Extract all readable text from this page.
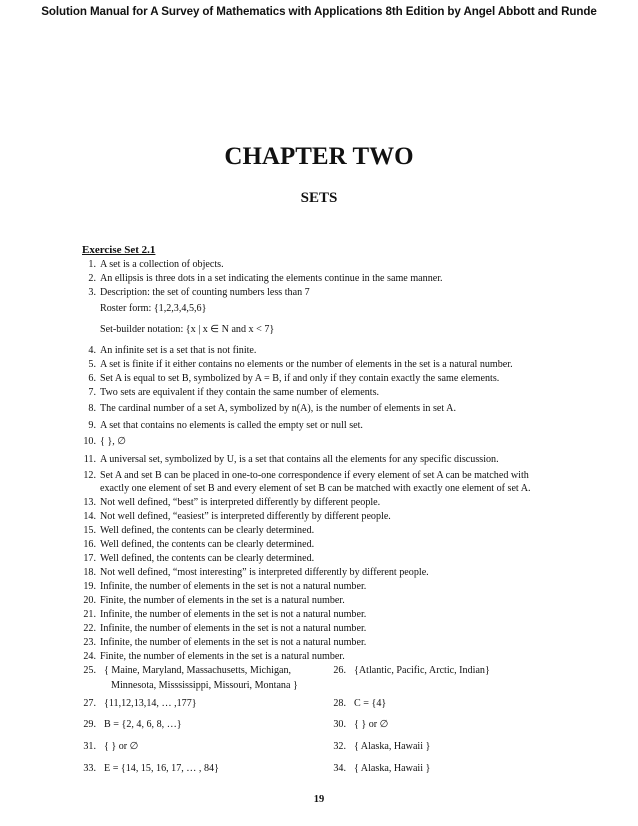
Solution Manual for A Survey of Mathematics with Applications 8th Edition by Angel Abbott and Runde
CHAPTER TWO
SETS
Exercise Set 2.1
1. A set is a collection of objects.
2. An ellipsis is three dots in a set indicating the elements continue in the same manner.
3. Description: the set of counting numbers less than 7
Roster form: {1,2,3,4,5,6}
Set-builder notation: {x | x ∈ N and x < 7}
4. An infinite set is a set that is not finite.
5. A set is finite if it either contains no elements or the number of elements in the set is a natural number.
6. Set A is equal to set B, symbolized by A = B, if and only if they contain exactly the same elements.
7. Two sets are equivalent if they contain the same number of elements.
8. The cardinal number of a set A, symbolized by n(A), is the number of elements in set A.
9. A set that contains no elements is called the empty set or null set.
10. { }, ∅
11. A universal set, symbolized by U, is a set that contains all the elements for any specific discussion.
12. Set A and set B can be placed in one-to-one correspondence if every element of set A can be matched with
exactly one element of set B and every element of set B can be matched with exactly one element of set A.
13. Not well defined, “best” is interpreted differently by different people.
14. Not well defined, “easiest” is interpreted differently by different people.
15. Well defined, the contents can be clearly determined.
16. Well defined, the contents can be clearly determined.
17. Well defined, the contents can be clearly determined.
18. Not well defined, “most interesting” is interpreted differently by different people.
19. Infinite, the number of elements in the set is not a natural number.
20. Finite, the number of elements in the set is a natural number.
21. Infinite, the number of elements in the set is not a natural number.
22. Infinite, the number of elements in the set is not a natural number.
23. Infinite, the number of elements in the set is not a natural number.
24. Finite, the number of elements in the set is a natural number.
25. { Maine, Maryland, Massachusetts, Michigan,
Minnesota, Misssissippi, Missouri, Montana }
26. {Atlantic, Pacific, Arctic, Indian}
27. {11,12,13,14, … ,177}	28. C = {4}
29. B = {2, 4, 6, 8, …}	30. { } or ∅
31. { } or ∅	32. { Alaska, Hawaii }
33. E = {14, 15, 16, 17, … , 84}	34. { Alaska, Hawaii }
19
